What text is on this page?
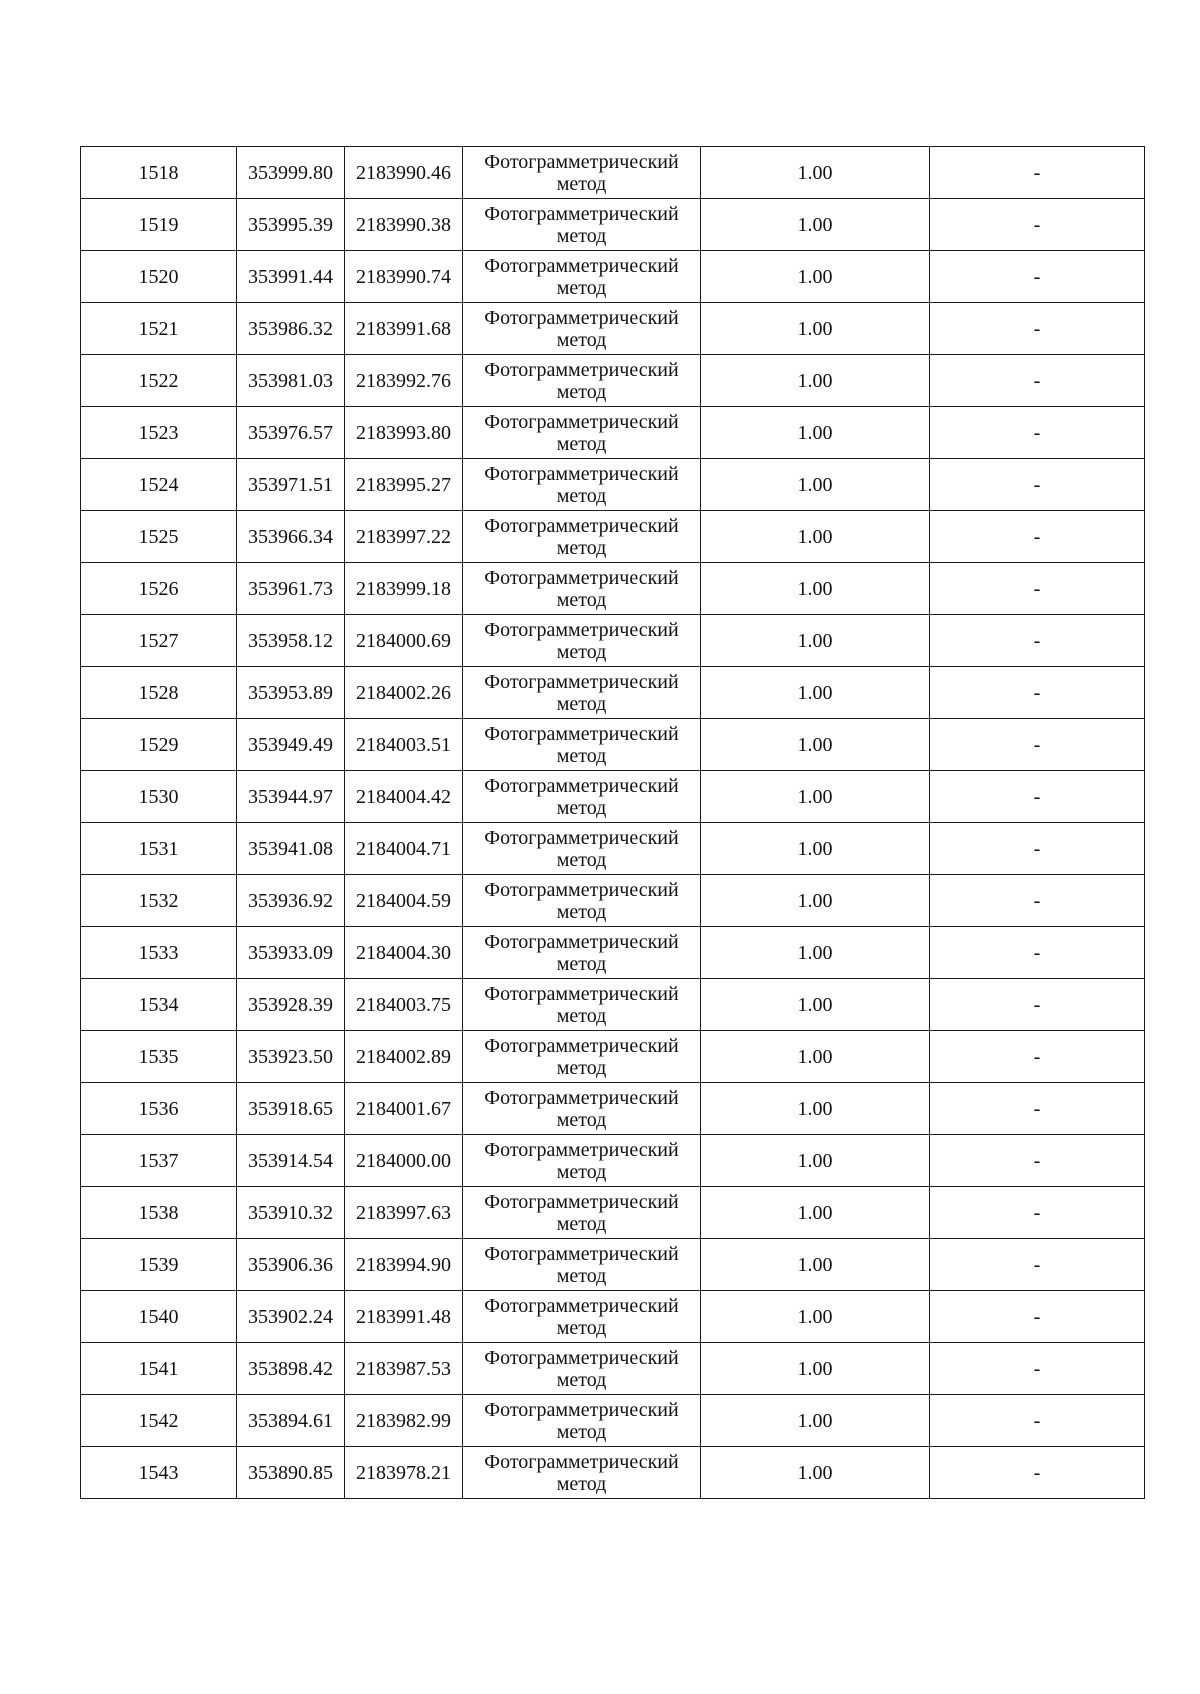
1518	353999.80	2183990.46	Фотограмметрический
метод	1.00	-
1519	353995.39	2183990.38	Фотограмметрический
метод	1.00	-
1520	353991.44	2183990.74	Фотограмметрический
метод	1.00	-
1521	353986.32	2183991.68	Фотограмметрический
метод	1.00	-
1522	353981.03	2183992.76	Фотограмметрический
метод	1.00	-
1523	353976.57	2183993.80	Фотограмметрический
метод	1.00	-
1524	353971.51	2183995.27	Фотограмметрический
метод	1.00	-
1525	353966.34	2183997.22	Фотограмметрический
метод	1.00	-
1526	353961.73	2183999.18	Фотограмметрический
метод	1.00	-
1527	353958.12	2184000.69	Фотограмметрический
метод	1.00	-
1528	353953.89	2184002.26	Фотограмметрический
метод	1.00	-
1529	353949.49	2184003.51	Фотограмметрический
метод	1.00	-
1530	353944.97	2184004.42	Фотограмметрический
метод	1.00	-
1531	353941.08	2184004.71	Фотограмметрический
метод	1.00	-
1532	353936.92	2184004.59	Фотограмметрический
метод	1.00	-
1533	353933.09	2184004.30	Фотограмметрический
метод	1.00	-
1534	353928.39	2184003.75	Фотограмметрический
метод	1.00	-
1535	353923.50	2184002.89	Фотограмметрический
метод	1.00	-
1536	353918.65	2184001.67	Фотограмметрический
метод	1.00	-
1537	353914.54	2184000.00	Фотограмметрический
метод	1.00	-
1538	353910.32	2183997.63	Фотограмметрический
метод	1.00	-
1539	353906.36	2183994.90	Фотограмметрический
метод	1.00	-
1540	353902.24	2183991.48	Фотограмметрический
метод	1.00	-
1541	353898.42	2183987.53	Фотограмметрический
метод	1.00	-
1542	353894.61	2183982.99	Фотограмметрический
метод	1.00	-
1543	353890.85	2183978.21	Фотограмметрический
метод	1.00	-
